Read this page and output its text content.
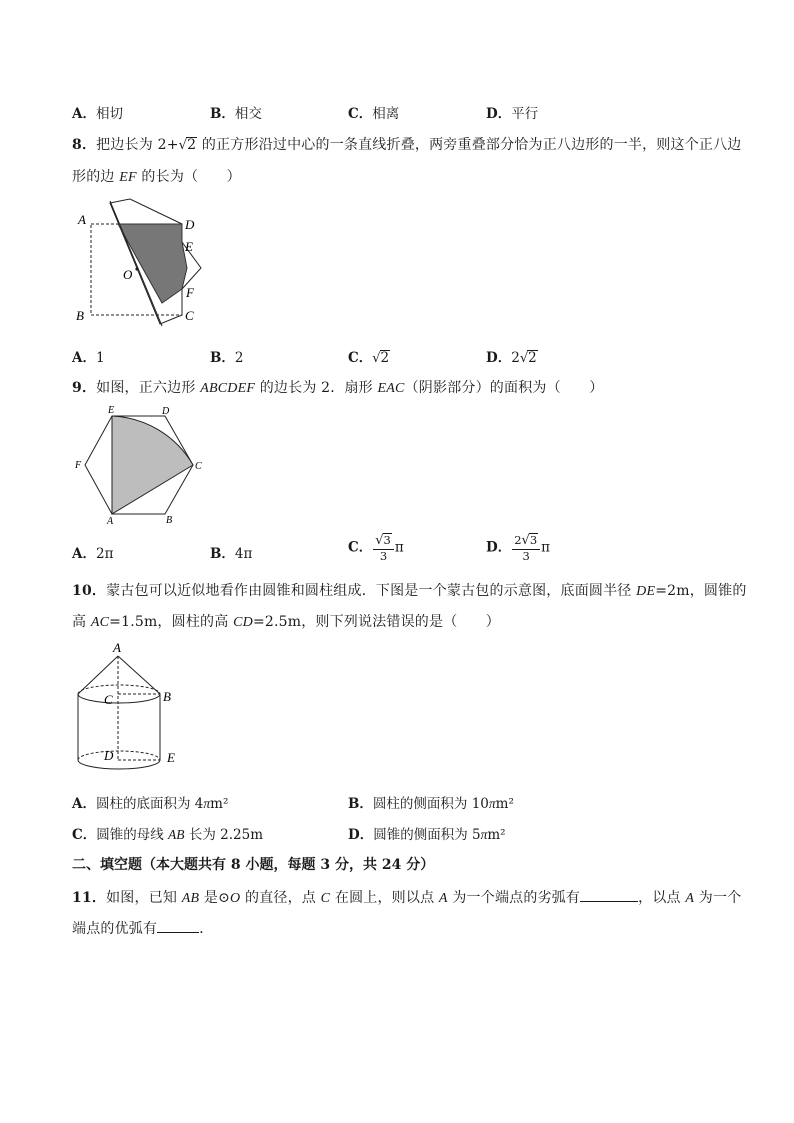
A．相切	B．相交	C．相离	D．平行
8．把边长为 2+√2 的正方形沿过中心的一条直线折叠，两旁重叠部分恰为正八边形的一半，则这个正八边
形的边 EF 的长为（　　）
A
B	C
D
E
F
O
A．1	B．2	C．√2	D．2√2
9．如图，正六边形 ABCDEF 的边长为 2．扇形 EAC（阴影部分）的面积为（　　）
E	D
C
F
A	B
A．2π	B．4π	C． $\frac{√3}{3}$ π	D． $\frac{2√3}{3}$ π
10．蒙古包可以近似地看作由圆锥和圆柱组成．下图是一个蒙古包的示意图，底面圆半径 DE=2m，圆锥的
高 AC=1.5m，圆柱的高 CD=2.5m，则下列说法错误的是（　　）
A
B
C
D	E
A．圆柱的底面积为 4πm²	B．圆柱的侧面积为 10πm²
C．圆锥的母线 AB 长为 2.25m	D．圆锥的侧面积为 5πm²
二、填空题（本大题共有 8 小题，每题 3 分，共 24 分）
11．如图，已知 AB 是⊙O 的直径，点 C 在圆上，则以点 A 为一个端点的劣弧有	，以点 A 为一个
端点的优弧有	．
